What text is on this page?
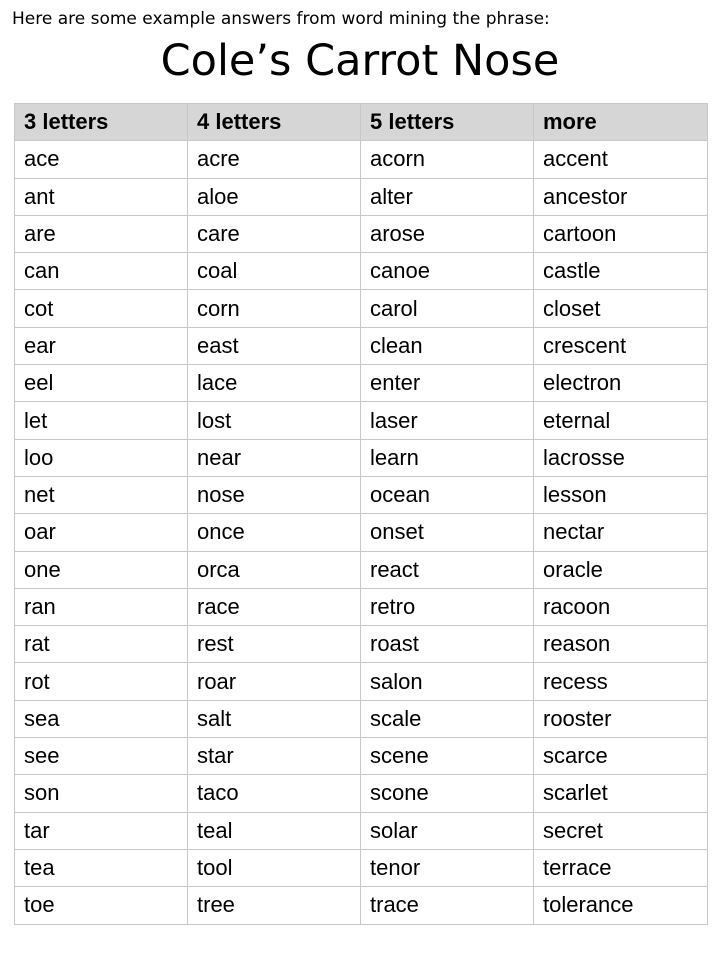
Here are some example answers from word mining the phrase:
Cole’s Carrot Nose
3 letters	4 letters	5 letters	more
ace	acre	acorn	accent
ant	aloe	alter	ancestor
are	care	arose	cartoon
can	coal	canoe	castle
cot	corn	carol	closet
ear	east	clean	crescent
eel	lace	enter	electron
let	lost	laser	eternal
loo	near	learn	lacrosse
net	nose	ocean	lesson
oar	once	onset	nectar
one	orca	react	oracle
ran	race	retro	racoon
rat	rest	roast	reason
rot	roar	salon	recess
sea	salt	scale	rooster
see	star	scene	scarce
son	taco	scone	scarlet
tar	teal	solar	secret
tea	tool	tenor	terrace
toe	tree	trace	tolerance
